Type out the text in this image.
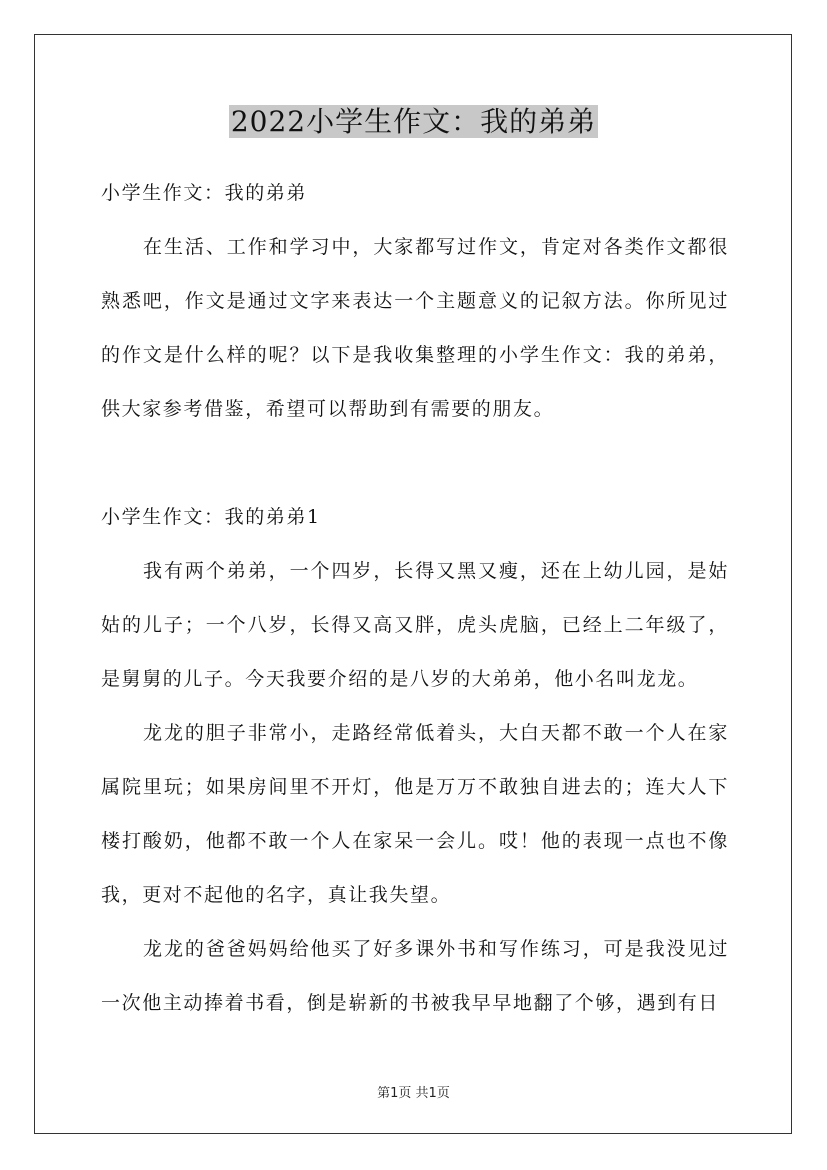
2022小学生作文：我的弟弟

小学生作文：我的弟弟

在生活、工作和学习中，大家都写过作文，肯定对各类作文都很熟悉吧，作文是通过文字来表达一个主题意义的记叙方法。你所见过的作文是什么样的呢？以下是我收集整理的小学生作文：我的弟弟，供大家参考借鉴，希望可以帮助到有需要的朋友。

小学生作文：我的弟弟1

我有两个弟弟，一个四岁，长得又黑又瘦，还在上幼儿园，是姑姑的儿子；一个八岁，长得又高又胖，虎头虎脑，已经上二年级了，是舅舅的儿子。今天我要介绍的是八岁的大弟弟，他小名叫龙龙。

龙龙的胆子非常小，走路经常低着头，大白天都不敢一个人在家属院里玩；如果房间里不开灯，他是万万不敢独自进去的；连大人下楼打酸奶，他都不敢一个人在家呆一会儿。哎！他的表现一点也不像我，更对不起他的名字，真让我失望。

龙龙的爸爸妈妈给他买了好多课外书和写作练习，可是我没见过一次他主动捧着书看，倒是崭新的书被我早早地翻了个够，遇到有日

第1页 共1页
